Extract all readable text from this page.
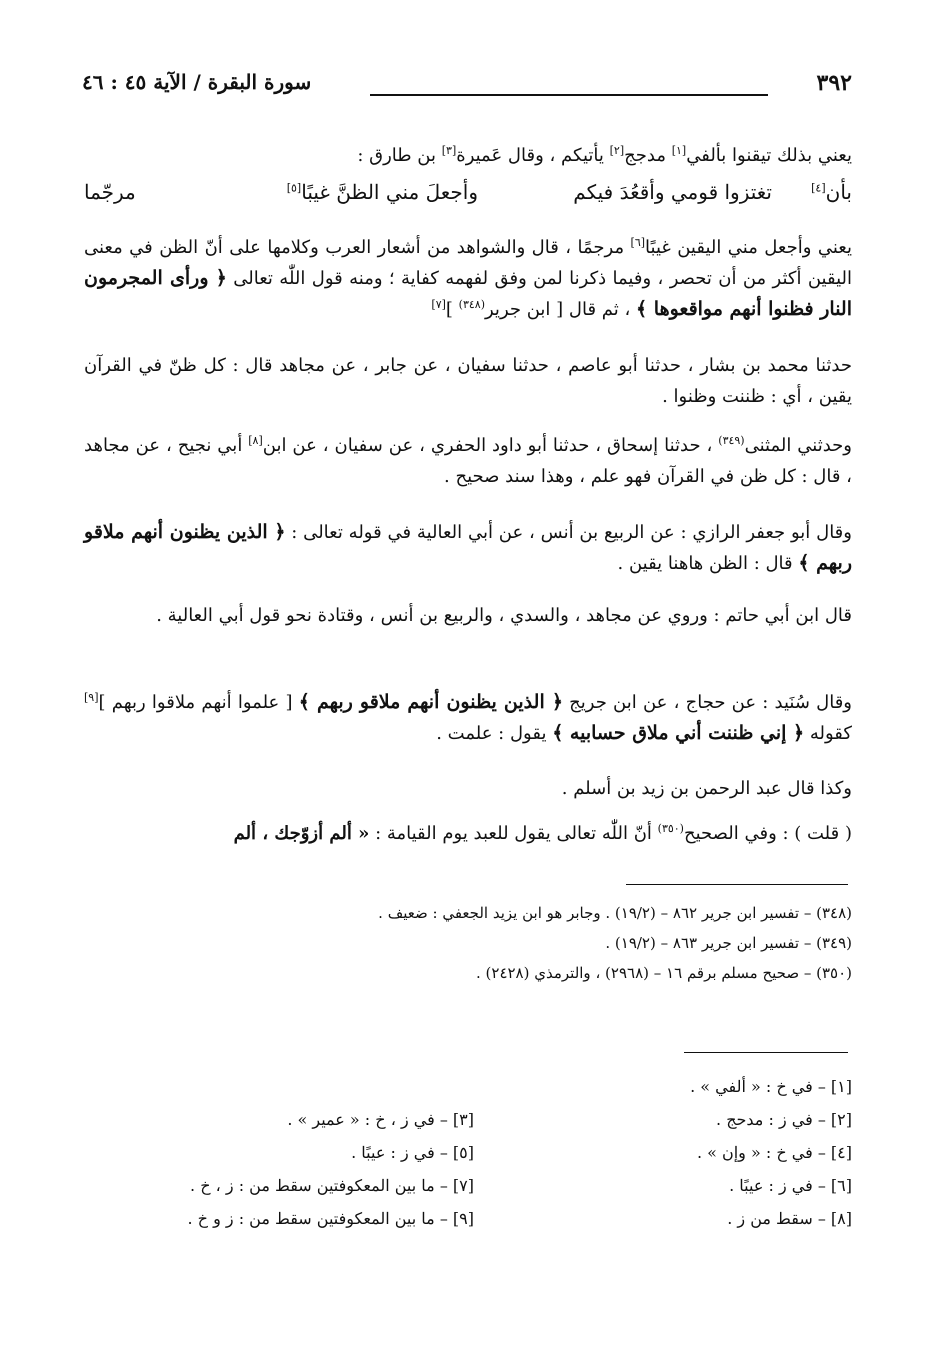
٣٩٢
سورة البقرة / الآية ٤٥ : ٤٦
يعني بذلك تيقنوا بألفي[١] مدجج[٢] يأتيكم ، وقال عَميرة[٣] بن طارق :
بأن[٤]
تغتزوا قومي وأقعُدَ فيكم
وأجعلَ مني الظنَّ غيبًا[٥]
مرجّما
يعني وأجعل مني اليقين غيبًا[٦] مرجمًا ، قال والشواهد من أشعار العرب وكلامها على أنّ الظن في معنى اليقين أكثر من أن تحصر ، وفيما ذكرنا لمن وفق لفهمه كفاية ؛ ومنه قول اللّٰه تعالى ﴿ ورأى المجرمون النار فظنوا أنهم مواقعوها ﴾ ، ثم قال [ ابن جرير$^{(٣٤٨)}$ ][٧]
حدثنا محمد بن بشار ، حدثنا أبو عاصم ، حدثنا سفيان ، عن جابر ، عن مجاهد قال : كل ظنّ في القرآن يقين ، أي : ظننت وظنوا .
وحدثني المثنى$^{(٣٤٩)}$ ، حدثنا إسحاق ، حدثنا أبو داود الحفري ، عن سفيان ، عن ابن[٨] أبي نجيح ، عن مجاهد ، قال : كل ظن في القرآن فهو علم ، وهذا سند صحيح .
وقال أبو جعفر الرازي : عن الربيع بن أنس ، عن أبي العالية في قوله تعالى : ﴿ الذين يظنون أنهم ملاقو ربهم ﴾ قال : الظن هاهنا يقين .
قال ابن أبي حاتم : وروي عن مجاهد ، والسدي ، والربيع بن أنس ، وقتادة نحو قول أبي العالية .
وقال سُنَيد : عن حجاج ، عن ابن جريج ﴿ الذين يظنون أنهم ملاقو ربهم ﴾ [ علموا أنهم ملاقوا ربهم ][٩] كقوله ﴿ إني ظننت أني ملاق حسابيه ﴾ يقول : علمت .
وكذا قال عبد الرحمن بن زيد بن أسلم .
( قلت ) : وفي الصحيح$^{(٣٥٠)}$ أنّ اللّٰه تعالى يقول للعبد يوم القيامة : « ألم أزوّجك ، ألم
(٣٤٨) – تفسير ابن جرير ٨٦٢ – (١٩/٢) . وجابر هو ابن يزيد الجعفي : ضعيف .
(٣٤٩) – تفسير ابن جرير ٨٦٣ – (١٩/٢) .
(٣٥٠) – صحيح مسلم برقم ١٦ – (٢٩٦٨) ، والترمذي (٢٤٢٨) .
[١] – في خ : « ألفي » .
[٢] – في ز : مدحج .
[٤] – في خ : « وإن » .
[٦] – في ز : عيبًا .
[٨] – سقط من ز .
[٣] – في ز ، خ : « عمير » .
[٥] – في ز : عيبًا .
[٧] – ما بين المعكوفتين سقط من : ز ، خ .
[٩] – ما بين المعكوفتين سقط من : ز و خ .
